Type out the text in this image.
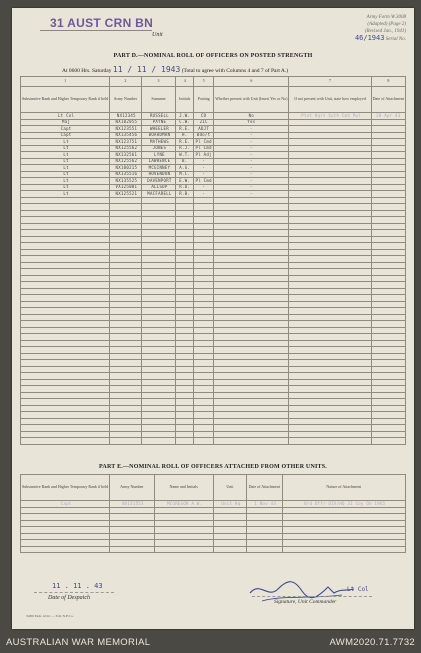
31 AUST CRN BN
Unit
Army Form W.3008
(Adapted) (Page 2)
(Revised Jan., 1941)
46/1943 Serial No.
PART D.—NOMINAL ROLL OF OFFICERS ON POSTED STRENGTH
At 0600 Hrs. Saturday 11 / 11 / 1943 (Total to agree with Columns 4 and 7 of Part A.)
1	2	3	4	5	6	7	8
Substantive Rank and Higher Temporary Rank if held	Army Number	Surname	Initials	Posting	Whether present with Unit (Insert Yes or No)	If not present with Unit, state how employed	Date of Attachment
Lt Col	NX12345	RUSSELL	J.W.	CO	No	Ptnt Hqrs Suth Cmd Pwl	20 Apr 43
Maj	NX102055	PAYNE	C.W.	2IC	Yes		
Capt	NX123551	WHEELER	R.E.	ADJT	-		
Capt	NX135456	BOARDMAN	H.	Bdo/t	-		
Lt	NX123751	MATHEWS	R.E.	Pl Cmd	-		
Lt	NX125562	JONES	R.J.	Pl Cmd	-		
Lt	NX132561	LYNE	W.T.	Pl Adj	-		
Lt	NX125562	LAWRENCE	B.	-	-		
Lt	NX100215	MCGINNEY	A.G.	-	-		
Lt	NX135516	HOVENDON	M.C.	-	-		
Lt	NX135525	DAVENPORT	E.W.	Pl Cmd	-		
Lt	VX125001	ALLSOP	R.D.	-	-		
Lt	NX125521	MACFARELL	R.B.	-	-		

PART E.—NOMINAL ROLL OF OFFICERS ATTACHED FROM OTHER UNITS.
Substantive Rank and Higher Temporary Rank if held	Army Number	Name and Initials	Unit	Date of Attachment	Nature of Attachment
Capt	NX131553	MCGREGOR A.W.	Unit Hq	1 Nov 43	Ord Offr DIV/HQ 31 Coy Oh 1965

11 . 11 . 43
Date of Despatch
Lt Col
Signature, Unit Commander
3,000 Pads 12/41 — 3/41 N.F.Co.
AUSTRALIAN WAR MEMORIAL	AWM2020.71.7732
